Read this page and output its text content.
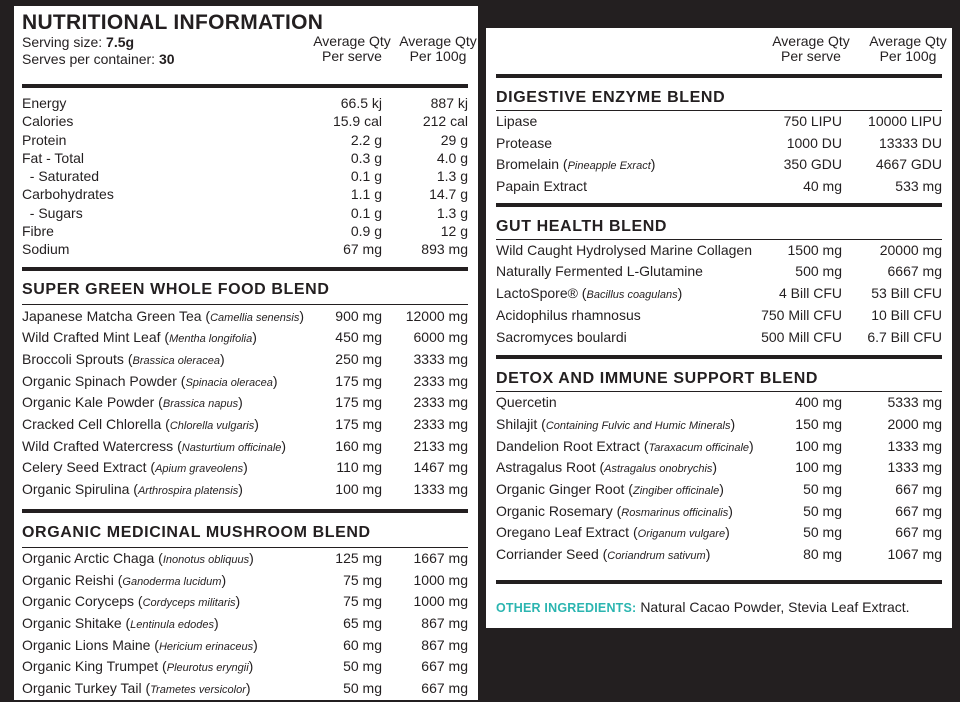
NUTRITIONAL INFORMATION
Serving size: 7.5g
Serves per container: 30
Average Qty
Per serve
Average Qty
Per 100g
Energy	66.5 kj	887 kj
Calories	15.9 cal	212 cal
Protein	2.2 g	29 g
Fat - Total	0.3 g	4.0 g
- Saturated	0.1 g	1.3 g
Carbohydrates	1.1 g	14.7 g
- Sugars	0.1 g	1.3 g
Fibre	0.9 g	12 g
Sodium	67 mg	893 mg
SUPER GREEN WHOLE FOOD BLEND
Japanese Matcha Green Tea (Camellia senensis) 900 mg 12000 mg
Wild Crafted Mint Leaf (Mentha longifolia)	450 mg 6000 mg
Broccoli Sprouts (Brassica oleracea)	250 mg 3333 mg
Organic Spinach Powder (Spinacia oleracea)	175 mg 2333 mg
Organic Kale Powder (Brassica napus)	175 mg 2333 mg
Cracked Cell Chlorella (Chlorella vulgaris)	175 mg 2333 mg
Wild Crafted Watercress (Nasturtium officinale)	160 mg 2133 mg
Celery Seed Extract (Apium graveolens)	110 mg 1467 mg
Organic Spirulina (Arthrospira platensis)	100 mg 1333 mg
ORGANIC MEDICINAL MUSHROOM BLEND
Organic Arctic Chaga (Inonotus obliquus)	125 mg 1667 mg
Organic Reishi (Ganoderma lucidum)	75 mg 1000 mg
Organic Coryceps (Cordyceps militaris)	75 mg 1000 mg
Organic Shitake (Lentinula edodes)	65 mg	867 mg
Organic Lions Maine (Hericium erinaceus)	60 mg	867 mg
Organic King Trumpet (Pleurotus eryngii)	50 mg	667 mg
Organic Turkey Tail (Trametes versicolor)	50 mg	667 mg
Average Qty
Per serve
Average Qty
Per 100g
DIGESTIVE ENZYME BLEND
Lipase	750 LIPU 10000 LIPU
Protease	1000 DU	13333 DU
Bromelain (Pineapple Exract)	350 GDU 4667 GDU
Papain Extract	40 mg	533 mg
GUT HEALTH BLEND
Wild Caught Hydrolysed Marine Collagen	1500 mg	20000 mg
Naturally Fermented L-Glutamine	500 mg	6667 mg
LactoSpore® (Bacillus coagulans)	4 Bill CFU 53 Bill CFU
Acidophilus rhamnosus	750 Mill CFU 10 Bill CFU
Sacromyces boulardi	500 Mill CFU 6.7 Bill CFU
DETOX AND IMMUNE SUPPORT BLEND
Quercetin	400 mg	5333 mg
Shilajit (Containing Fulvic and Humic Minerals)	150 mg	2000 mg
Dandelion Root Extract (Taraxacum officinale)	100 mg	1333 mg
Astragalus Root (Astragalus onobrychis)	100 mg	1333 mg
Organic Ginger Root (Zingiber officinale)	50 mg	667 mg
Organic Rosemary (Rosmarinus officinalis)	50 mg	667 mg
Oregano Leaf Extract (Origanum vulgare)	50 mg	667 mg
Corriander Seed (Coriandrum sativum)	80 mg	1067 mg
OTHER INGREDIENTS: Natural Cacao Powder, Stevia Leaf Extract.
